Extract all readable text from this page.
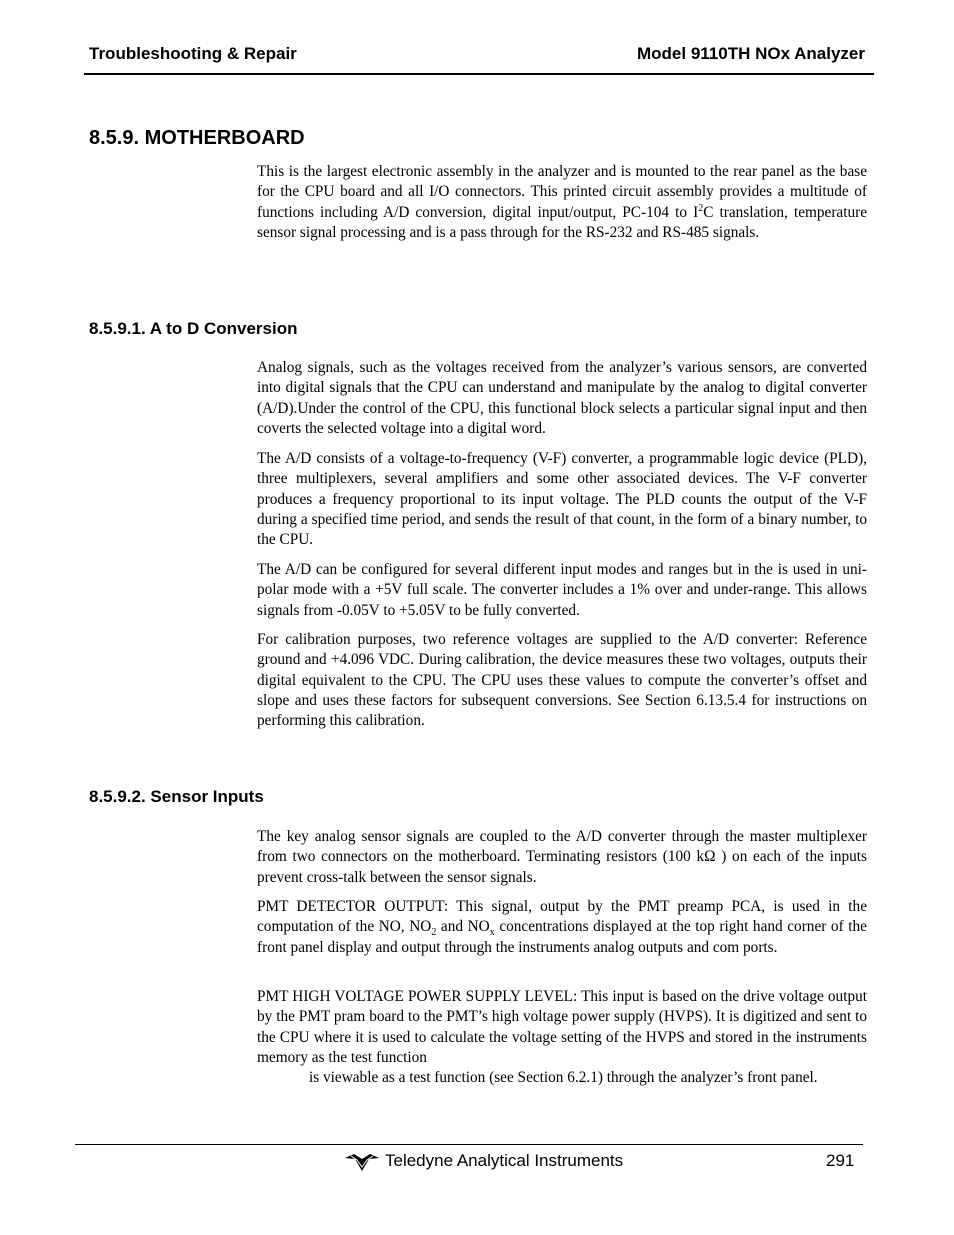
Troubleshooting & Repair	Model 9110TH NOx Analyzer
8.5.9. MOTHERBOARD
This is the largest electronic assembly in the analyzer and is mounted to the rear panel as the base for the CPU board and all I/O connectors. This printed circuit assembly provides a multitude of functions including A/D conversion, digital input/output, PC-104 to $I^2C$ translation, temperature sensor signal processing and is a pass through for the RS-232 and RS-485 signals.
8.5.9.1. A to D Conversion
Analog signals, such as the voltages received from the analyzer’s various sensors, are converted into digital signals that the CPU can understand and manipulate by the analog to digital converter (A/D).Under the control of the CPU, this functional block selects a particular signal input and then coverts the selected voltage into a digital word.
The A/D consists of a voltage-to-frequency (V-F) converter, a programmable logic device (PLD), three multiplexers, several amplifiers and some other associated devices. The V-F converter produces a frequency proportional to its input voltage. The PLD counts the output of the V-F during a specified time period, and sends the result of that count, in the form of a binary number, to the CPU.
The A/D can be configured for several different input modes and ranges but in the is used in uni-polar mode with a +5V full scale. The converter includes a 1% over and under-range. This allows signals from -0.05V to +5.05V to be fully converted.
For calibration purposes, two reference voltages are supplied to the A/D converter: Reference ground and +4.096 VDC. During calibration, the device measures these two voltages, outputs their digital equivalent to the CPU. The CPU uses these values to compute the converter’s offset and slope and uses these factors for subsequent conversions. See Section 6.13.5.4 for instructions on performing this calibration.
8.5.9.2. Sensor Inputs
The key analog sensor signals are coupled to the A/D converter through the master multiplexer from two connectors on the motherboard. Terminating resistors (100 kΩ ) on each of the inputs prevent cross-talk between the sensor signals.
PMT DETECTOR OUTPUT: This signal, output by the PMT preamp PCA, is used in the computation of the NO, $NO_2$ and $NO_x$ concentrations displayed at the top right hand corner of the front panel display and output through the instruments analog outputs and com ports.
PMT HIGH VOLTAGE POWER SUPPLY LEVEL: This input is based on the drive voltage output by the PMT pram board to the PMT’s high voltage power supply (HVPS). It is digitized and sent to the CPU where it is used to calculate the voltage setting of the HVPS and stored in the instruments memory as the test function
is viewable as a test function (see Section 6.2.1) through the analyzer’s front panel.
Teledyne Analytical Instruments	291
